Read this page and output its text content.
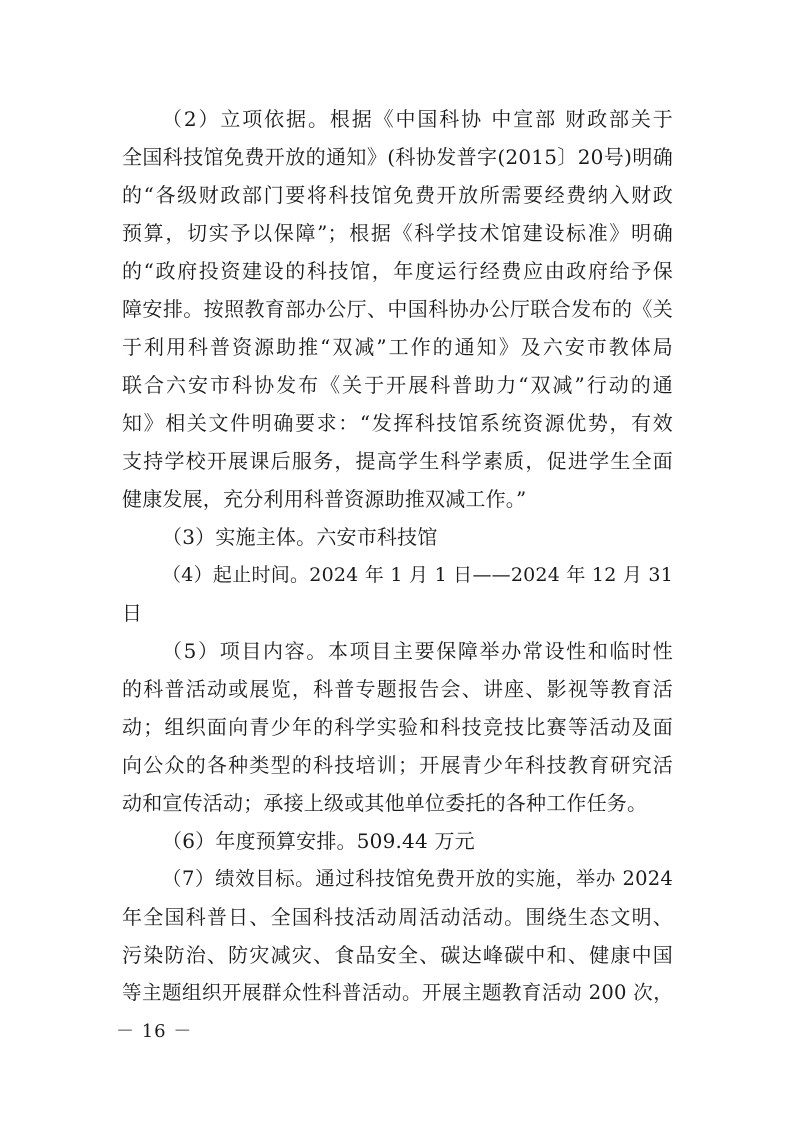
（2）立项依据。根据《中国科协 中宣部 财政部关于
全国科技馆免费开放的通知》(科协发普字(2015〕20号)明确
的“各级财政部门要将科技馆免费开放所需要经费纳入财政
预算，切实予以保障”；根据《科学技术馆建设标准》明确
的“政府投资建设的科技馆，年度运行经费应由政府给予保
障安排。按照教育部办公厅、中国科协办公厅联合发布的《关
于利用科普资源助推“双减”工作的通知》及六安市教体局
联合六安市科协发布《关于开展科普助力“双减”行动的通
知》相关文件明确要求：“发挥科技馆系统资源优势，有效
支持学校开展课后服务，提高学生科学素质，促进学生全面
健康发展，充分利用科普资源助推双减工作。”
（3）实施主体。六安市科技馆
（4）起止时间。2024 年 1 月 1 日——2024 年 12 月 31
日
（5）项目内容。本项目主要保障举办常设性和临时性
的科普活动或展览，科普专题报告会、讲座、影视等教育活
动；组织面向青少年的科学实验和科技竞技比赛等活动及面
向公众的各种类型的科技培训；开展青少年科技教育研究活
动和宣传活动；承接上级或其他单位委托的各种工作任务。
（6）年度预算安排。509.44 万元
（7）绩效目标。通过科技馆免费开放的实施，举办 2024
年全国科普日、全国科技活动周活动活动。围绕生态文明、
污染防治、防灾减灾、食品安全、碳达峰碳中和、健康中国
等主题组织开展群众性科普活动。开展主题教育活动 200 次，
－ 16 －
